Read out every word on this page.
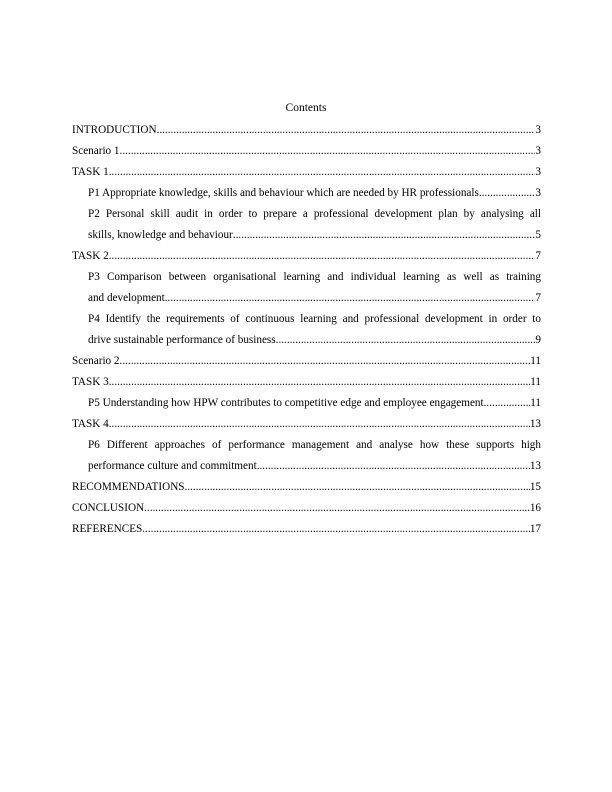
Contents
INTRODUCTION .....	3
Scenario 1 .....	3
TASK 1 .....	3
P1 Appropriate knowledge, skills and behaviour which are needed by HR professionals. .....	3
P2 Personal skill audit in order to prepare a professional development plan by analysing all
skills, knowledge and behaviour .....	5
TASK 2 .....	7
P3 Comparison between organisational learning and individual learning as well as training
and development .....	7
P4 Identify the requirements of continuous learning and professional development in order to
drive sustainable performance of business .....	9
Scenario 2 .....	11
TASK 3 .....	11
P5 Understanding how HPW contributes to competitive edge and employee engagement. .....	11
TASK 4 .....	13
P6 Different approaches of performance management and analyse how these supports high
performance culture and commitment .....	13
RECOMMENDATIONS .....	15
CONCLUSION .....	16
REFERENCES .....	17
